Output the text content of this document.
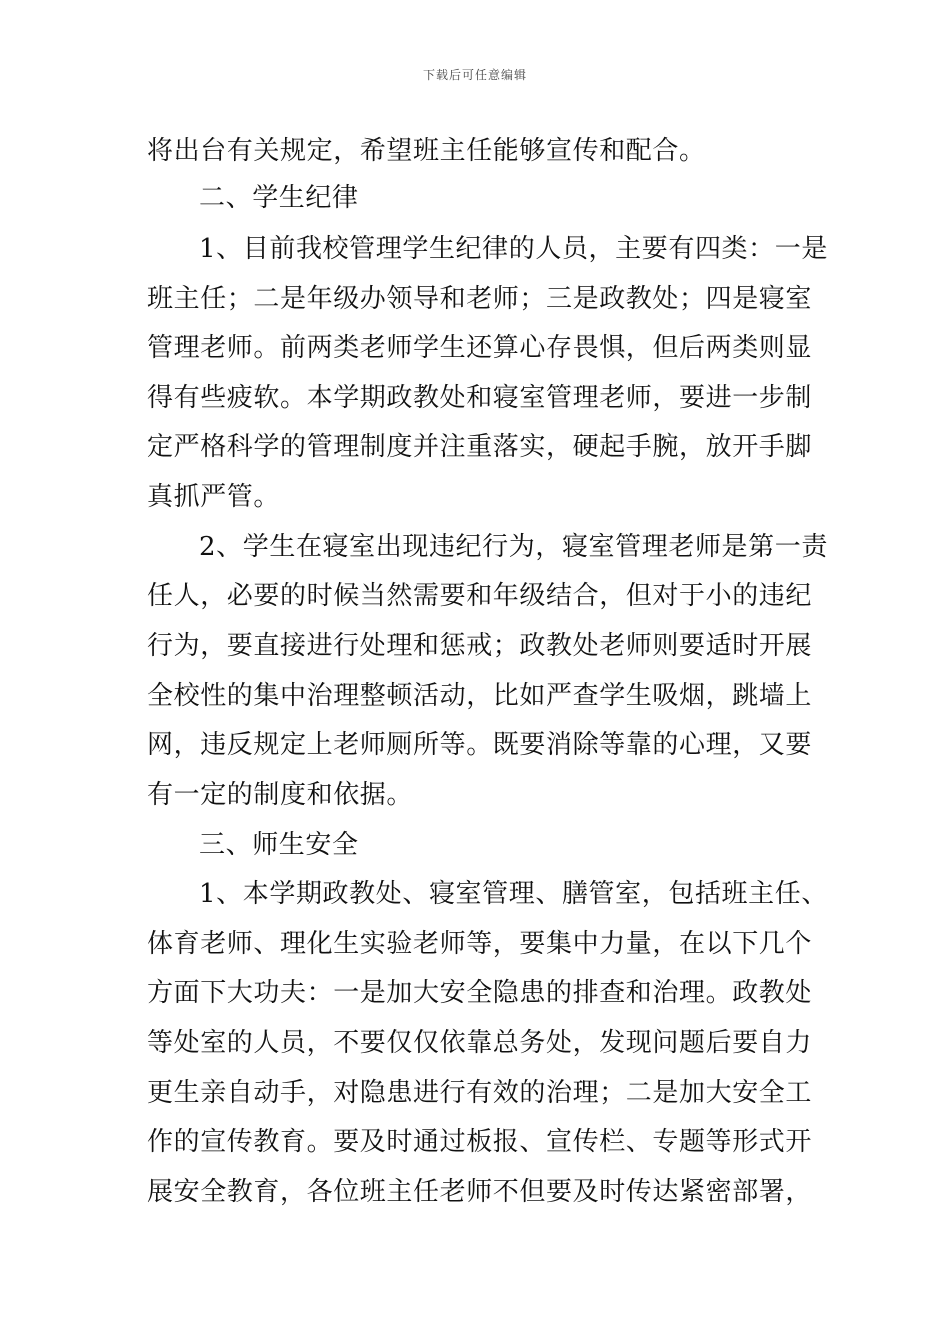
下载后可任意编辑
将出台有关规定，希望班主任能够宣传和配合。
二、学生纪律
1、目前我校管理学生纪律的人员，主要有四类：一是
班主任；二是年级办领导和老师；三是政教处；四是寝室
管理老师。前两类老师学生还算心存畏惧，但后两类则显
得有些疲软。本学期政教处和寝室管理老师，要进一步制
定严格科学的管理制度并注重落实，硬起手腕，放开手脚
真抓严管。
2、学生在寝室出现违纪行为，寝室管理老师是第一责
任人，必要的时候当然需要和年级结合，但对于小的违纪
行为，要直接进行处理和惩戒；政教处老师则要适时开展
全校性的集中治理整顿活动，比如严查学生吸烟，跳墙上
网，违反规定上老师厕所等。既要消除等靠的心理，又要
有一定的制度和依据。
三、师生安全
1、本学期政教处、寝室管理、膳管室，包括班主任、
体育老师、理化生实验老师等，要集中力量，在以下几个
方面下大功夫：一是加大安全隐患的排查和治理。政教处
等处室的人员，不要仅仅依靠总务处，发现问题后要自力
更生亲自动手，对隐患进行有效的治理；二是加大安全工
作的宣传教育。要及时通过板报、宣传栏、专题等形式开
展安全教育，各位班主任老师不但要及时传达紧密部署，
